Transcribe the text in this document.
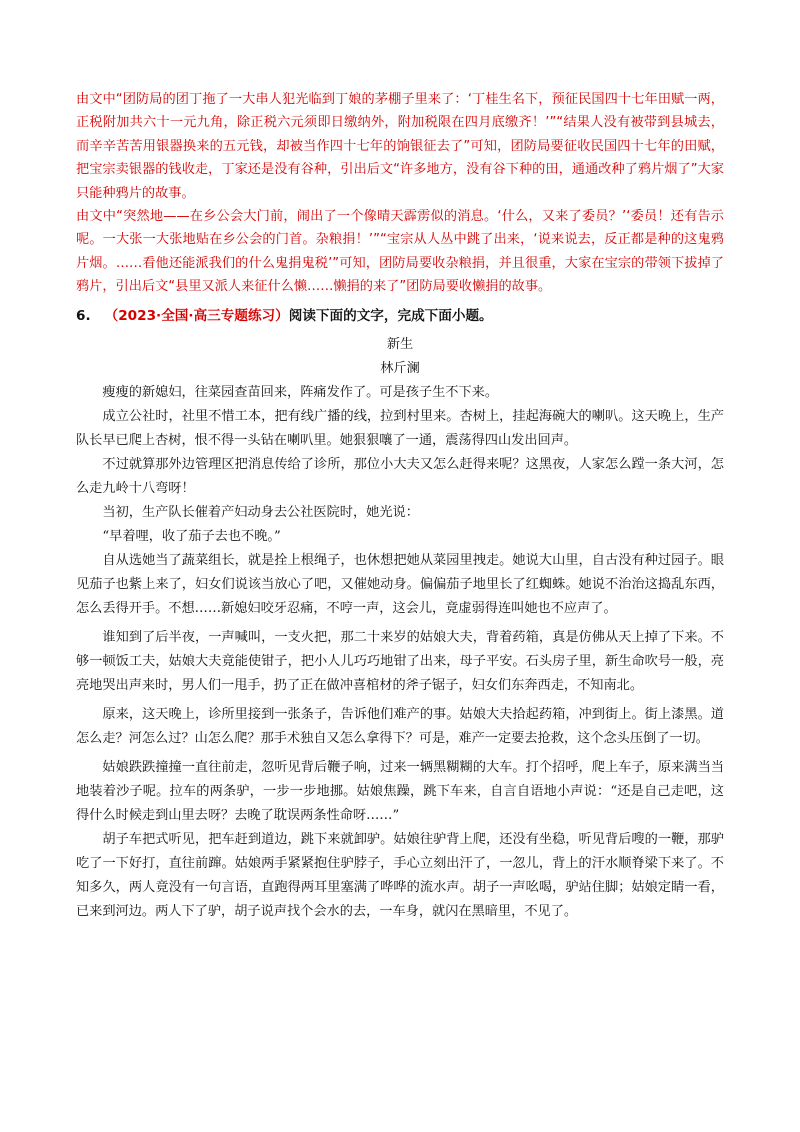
由文中“团防局的团丁拖了一大串人犯光临到丁娘的茅棚子里来了：‘丁桂生名下，预征民国四十七年田赋一两，正税附加共六十一元九角，除正税六元须即日缴纳外，附加税限在四月底缴齐！’”“结果人没有被带到县城去，而辛辛苦苦用银器换来的五元钱，却被当作四十七年的饷银征去了”可知，团防局要征收民国四十七年的田赋，把宝宗卖银器的钱收走，丁家还是没有谷种，引出后文“许多地方，没有谷下种的田，通通改种了鸦片烟了”大家只能种鸦片的故事。

由文中“突然地——在乡公会大门前，闹出了一个像晴天霹雳似的消息。‘什么，又来了委员？’‘委员！还有告示呢。一大张一大张地贴在乡公会的门首。杂粮捐！’”“宝宗从人丛中跳了出来，‘说来说去，反正都是种的这鬼鸦片烟。……看他还能派我们的什么鬼捐鬼税’”可知，团防局要收杂粮捐，并且很重，大家在宝宗的带领下拔掉了鸦片，引出后文“县里又派人来征什么懒……懒捐的来了”团防局要收懒捐的故事。

6. （2023·全国·高三专题练习）阅读下面的文字，完成下面小题。
新生
林斤澜

瘦瘦的新媳妇，往菜园查苗回来，阵痛发作了。可是孩子生不下来。

成立公社时，社里不惜工本，把有线广播的线，拉到村里来。杏树上，挂起海碗大的喇叭。这天晚上，生产队长早已爬上杏树，恨不得一头钻在喇叭里。她狠狠嚷了一通，震荡得四山发出回声。

不过就算那外边管理区把消息传给了诊所，那位小大夫又怎么赶得来呢？这黑夜，人家怎么蹚一条大河，怎么走九岭十八弯呀！

当初，生产队长催着产妇动身去公社医院时，她光说：

“早着哩，收了茄子去也不晚。”

自从选她当了蔬菜组长，就是拴上根绳子，也休想把她从菜园里拽走。她说大山里，自古没有种过园子。眼见茄子也紫上来了，妇女们说该当放心了吧，又催她动身。偏偏茄子地里长了红蜘蛛。她说不治治这捣乱东西，怎么丢得开手。不想……新媳妇咬牙忍痛，不哼一声，这会儿，竟虚弱得连叫她也不应声了。

谁知到了后半夜，一声喊叫，一支火把，那二十来岁的姑娘大夫，背着药箱，真是仿佛从天上掉了下来。不够一顿饭工夫，姑娘大夫竟能使钳子，把小人儿巧巧地钳了出来，母子平安。石头房子里，新生命吹号一般，亮亮地哭出声来时，男人们一甩手，扔了正在做冲喜棺材的斧子锯子，妇女们东奔西走，不知南北。

原来，这天晚上，诊所里接到一张条子，告诉他们难产的事。姑娘大夫拾起药箱，冲到街上。街上漆黑。道怎么走？河怎么过？山怎么爬？那手术独自又怎么拿得下？可是，难产一定要去抢救，这个念头压倒了一切。

姑娘跌跌撞撞一直往前走，忽听见背后鞭子响，过来一辆黑糊糊的大车。打个招呼，爬上车子，原来满当当地装着沙子呢。拉车的两条驴，一步一步地挪。姑娘焦躁，跳下车来，自言自语地小声说：“还是自己走吧，这得什么时候走到山里去呀？去晚了耽误两条性命呀……”

胡子车把式听见，把车赶到道边，跳下来就卸驴。姑娘往驴背上爬，还没有坐稳，听见背后嗖的一鞭，那驴吃了一下好打，直往前蹿。姑娘两手紧紧抱住驴脖子，手心立刻出汗了，一忽儿，背上的汗水顺脊梁下来了。不知多久，两人竟没有一句言语，直跑得两耳里塞满了哗哗的流水声。胡子一声吆喝，驴站住脚；姑娘定睛一看，已来到河边。两人下了驴，胡子说声找个会水的去，一车身，就闪在黑暗里，不见了。
